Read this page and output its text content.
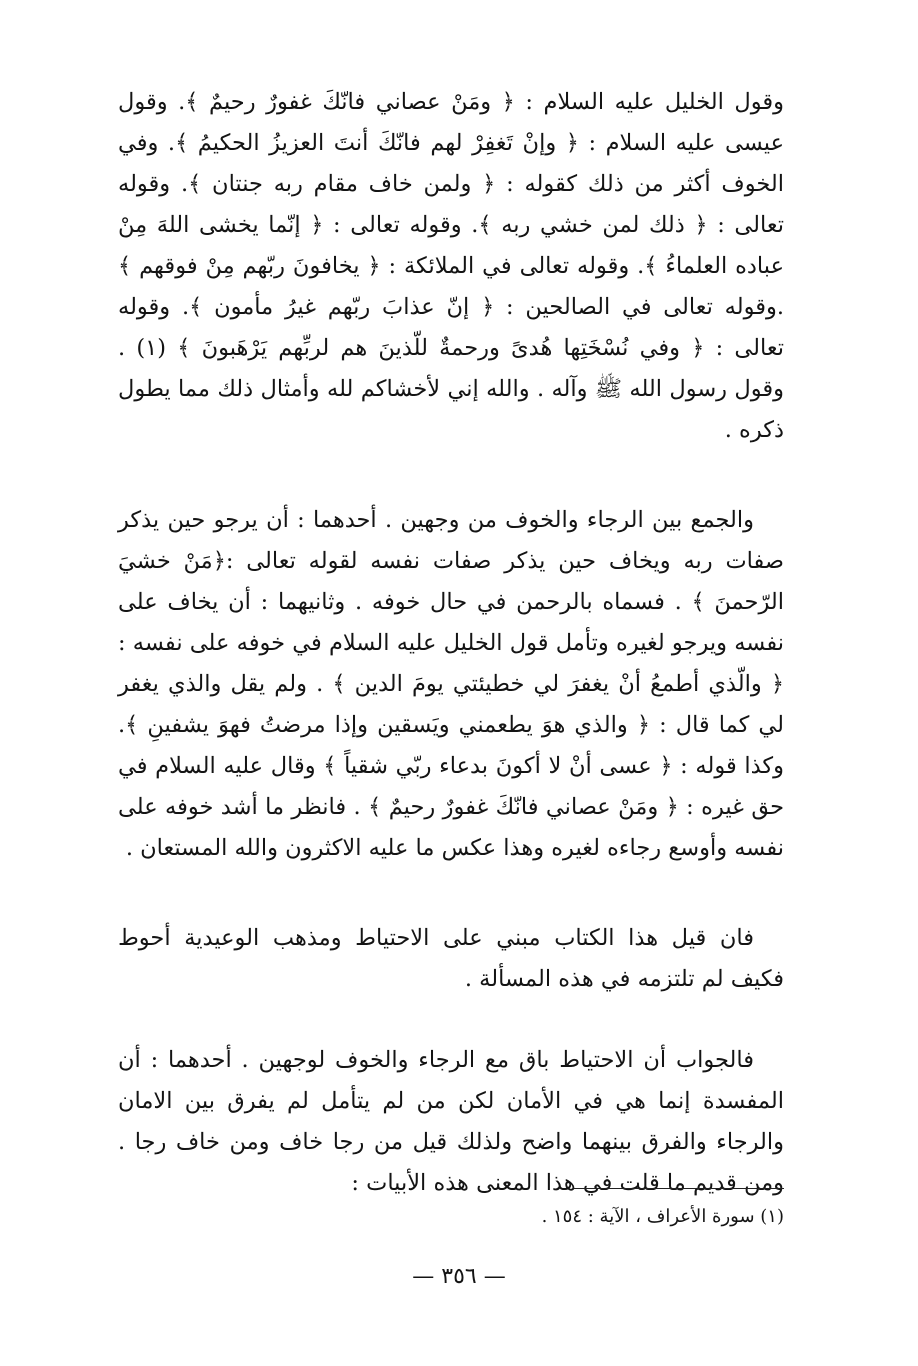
وقول الخليل عليه السلام : ﴿ ومَنْ عصاني فانّكَ غفورٌ رحيمٌ ﴾. وقول عيسى عليه السلام : ﴿ وإنْ تَغفِرْ لهم فانّكَ أنتَ العزيزُ الحكيمُ ﴾. وفي الخوف أكثر من ذلك كقوله : ﴿ ولمن خاف مقام ربه جنتان ﴾. وقوله تعالى : ﴿ ذلك لمن خشي ربه ﴾. وقوله تعالى : ﴿ إنّما يخشى اللهَ مِنْ عباده العلماءُ ﴾. وقوله تعالى في الملائكة : ﴿ يخافونَ ربّهم مِنْ فوقهم ﴾ .وقوله تعالى في الصالحين : ﴿ إنّ عذابَ ربّهم غيرُ مأمون ﴾. وقوله تعالى : ﴿ وفي نُسْخَتِها هُدىً ورحمةٌ للّذينَ هم لربِّهم يَرْهَبونَ ﴾ (١) . وقول رسول الله ﷺ وآله . والله إني لأخشاكم لله وأمثال ذلك مما يطول ذكره .

والجمع بين الرجاء والخوف من وجهين . أحدهما : أن يرجو حين يذكر صفات ربه ويخاف حين يذكر صفات نفسه لقوله تعالى :﴿مَنْ خشيَ الرّحمنَ ﴾ . فسماه بالرحمن في حال خوفه . وثانيهما : أن يخاف على نفسه ويرجو لغيره وتأمل قول الخليل عليه السلام في خوفه على نفسه : ﴿ والّذي أطمعُ أنْ يغفرَ لي خطيئتي يومَ الدين ﴾ . ولم يقل والذي يغفر لي كما قال : ﴿ والذي هوَ يطعمني ويَسقين وإذا مرضتُ فهوَ يشفينِ ﴾. وكذا قوله : ﴿ عسى أنْ لا أكونَ بدعاء ربّي شقياً ﴾ وقال عليه السلام في حق غيره : ﴿ ومَنْ عصاني فانّكَ غفورٌ رحيمٌ ﴾ . فانظر ما أشد خوفه على نفسه وأوسع رجاءه لغيره وهذا عكس ما عليه الاكثرون والله المستعان .

فان قيل هذا الكتاب مبني على الاحتياط ومذهب الوعيدية أحوط فكيف لم تلتزمه في هذه المسألة .

فالجواب أن الاحتياط باق مع الرجاء والخوف لوجهين . أحدهما : أن المفسدة إنما هي في الأمان لكن من لم يتأمل لم يفرق بين الامان والرجاء والفرق بينهما واضح ولذلك قيل من رجا خاف ومن خاف رجا . ومن قديم ما قلت في هذا المعنى هذه الأبيات :

(١) سورة الأعراف ، الآية : ١٥٤ .
— ٣٥٦ —
